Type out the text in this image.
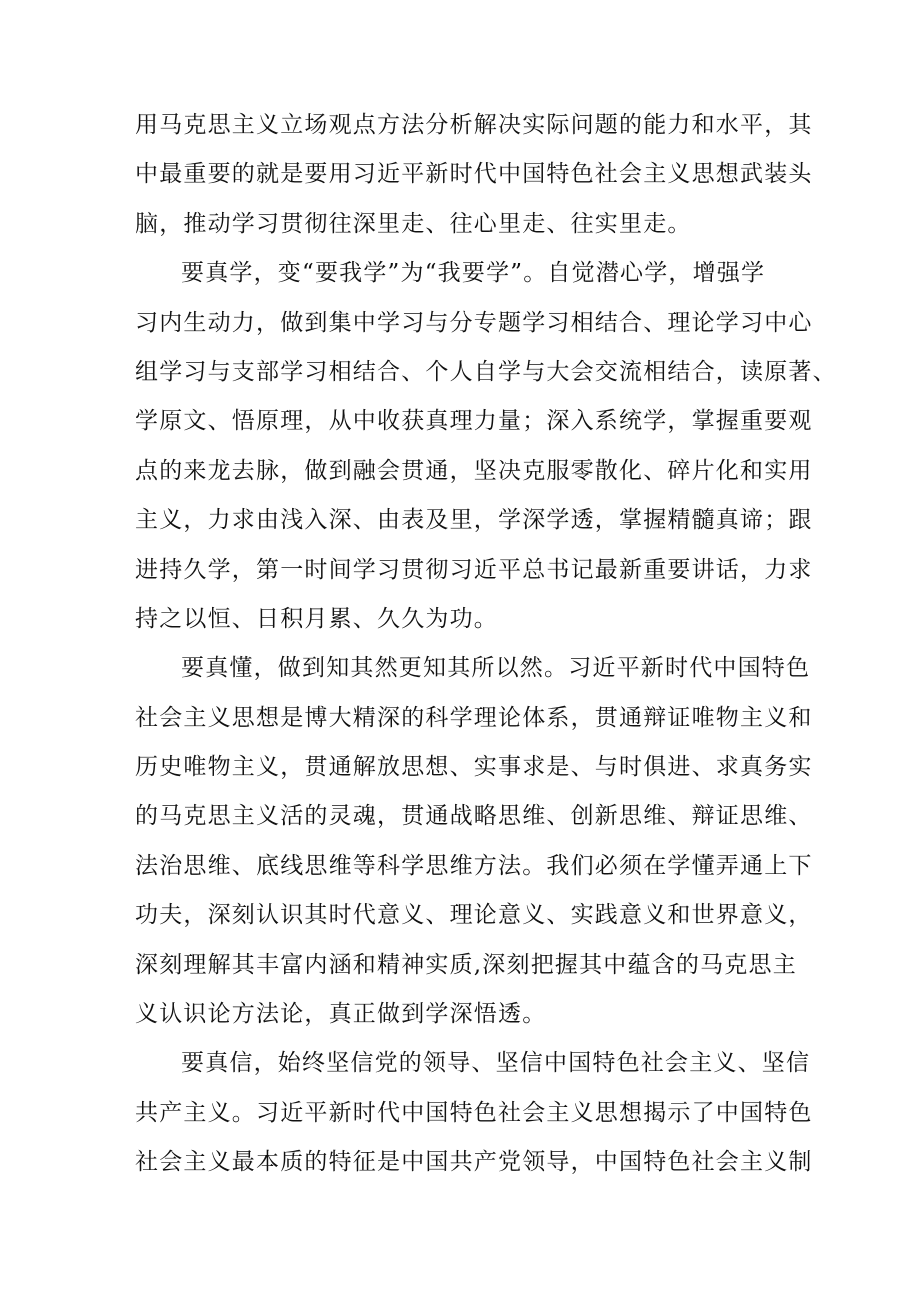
用马克思主义立场观点方法分析解决实际问题的能力和水平，其
中最重要的就是要用习近平新时代中国特色社会主义思想武装头
脑，推动学习贯彻往深里走、往心里走、往实里走。
要真学，变“要我学”为“我要学”。自觉潜心学，增强学
习内生动力，做到集中学习与分专题学习相结合、理论学习中心
组学习与支部学习相结合、个人自学与大会交流相结合，读原著、
学原文、悟原理，从中收获真理力量；深入系统学，掌握重要观
点的来龙去脉，做到融会贯通，坚决克服零散化、碎片化和实用
主义，力求由浅入深、由表及里，学深学透，掌握精髓真谛；跟
进持久学，第一时间学习贯彻习近平总书记最新重要讲话，力求
持之以恒、日积月累、久久为功。
要真懂，做到知其然更知其所以然。习近平新时代中国特色
社会主义思想是博大精深的科学理论体系，贯通辩证唯物主义和
历史唯物主义，贯通解放思想、实事求是、与时俱进、求真务实
的马克思主义活的灵魂，贯通战略思维、创新思维、辩证思维、
法治思维、底线思维等科学思维方法。我们必须在学懂弄通上下
功夫，深刻认识其时代意义、理论意义、实践意义和世界意义，
深刻理解其丰富内涵和精神实质,深刻把握其中蕴含的马克思主
义认识论方法论，真正做到学深悟透。
要真信，始终坚信党的领导、坚信中国特色社会主义、坚信
共产主义。习近平新时代中国特色社会主义思想揭示了中国特色
社会主义最本质的特征是中国共产党领导，中国特色社会主义制
